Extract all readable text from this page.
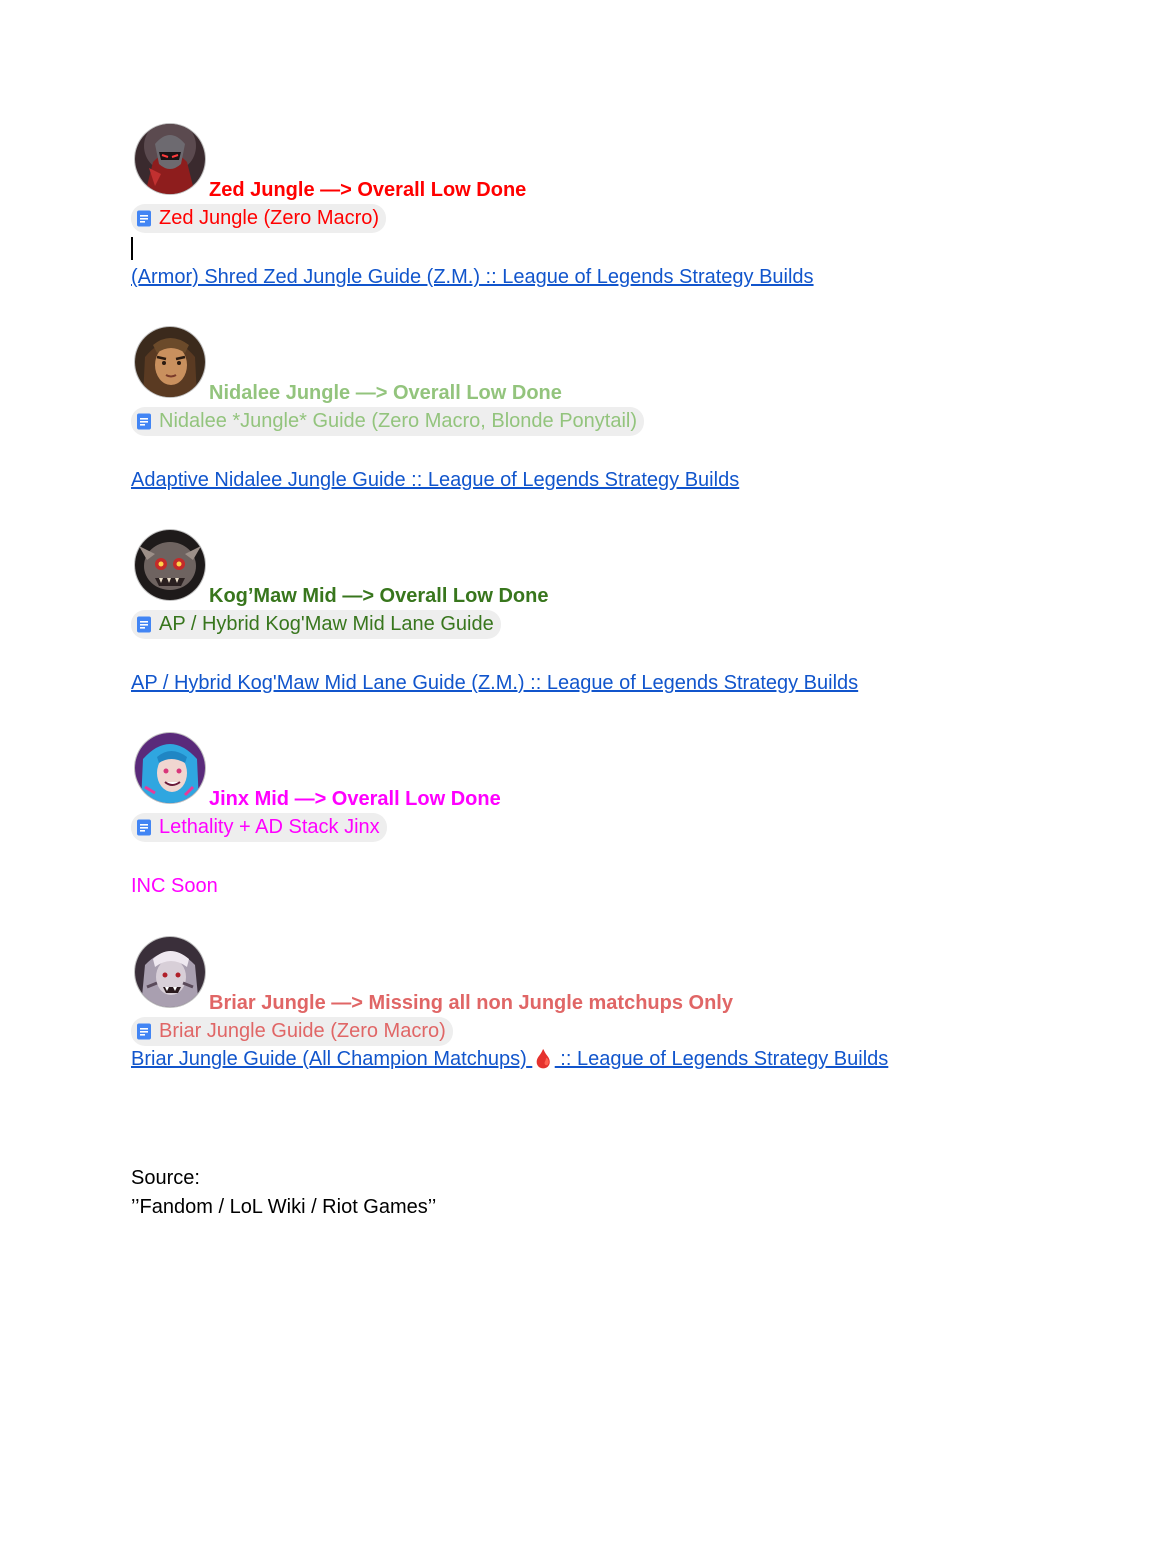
Zed Jungle —> Overall Low Done
Zed Jungle (Zero Macro)
(Armor) Shred Zed Jungle Guide (Z.M.) :: League of Legends Strategy Builds
Nidalee Jungle —> Overall Low Done
Nidalee *Jungle* Guide (Zero Macro, Blonde Ponytail)
Adaptive Nidalee Jungle Guide :: League of Legends Strategy Builds
Kog’Maw Mid —> Overall Low Done
AP / Hybrid Kog'Maw Mid Lane Guide
AP / Hybrid Kog'Maw Mid Lane Guide (Z.M.) :: League of Legends Strategy Builds
Jinx Mid —> Overall Low Done
Lethality + AD Stack Jinx
INC Soon
Briar Jungle —> Missing all non Jungle matchups Only
Briar Jungle Guide (Zero Macro)
Briar Jungle Guide (All Champion Matchups) 🩸 :: League of Legends Strategy Builds
Source:
’’Fandom / LoL Wiki / Riot Games’’
